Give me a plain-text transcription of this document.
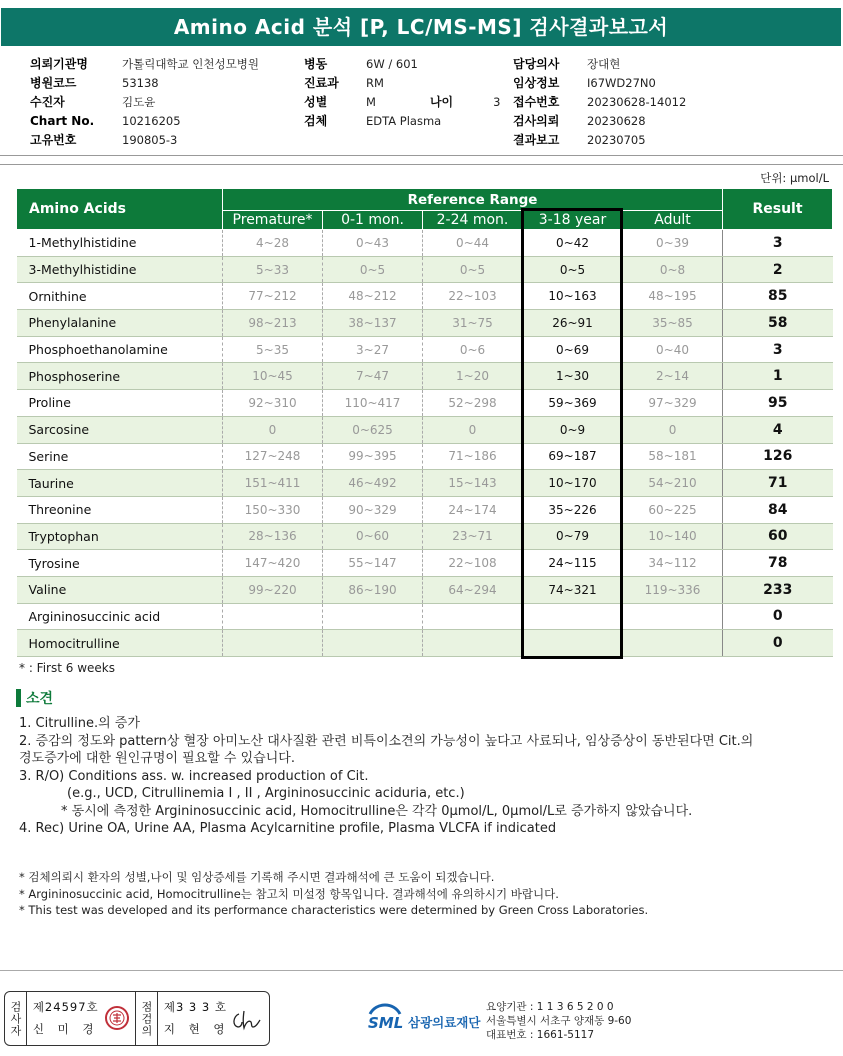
Amino Acid 분석 [P, LC/MS-MS] 검사결과보고서
의뢰기관명	가톨릭대학교 인천성모병원
병원코드	53138
수진자	김도윤
Chart No.	10216205
고유번호	190805-3
병동	6W / 601
진료과	RM
성별	M	나이	3
검체	EDTA Plasma
담당의사	장대현
임상정보	I67WD27N0
접수번호	20230628-14012
검사의뢰	20230628
결과보고	20230705
단위: μmol/L
Amino Acids	Reference Range					Result
	Premature*	0-1 mon.	2-24 mon.	3-18 year	Adult	
1-Methylhistidine	4~28	0~43	0~44	0~42	0~39	3
3-Methylhistidine	5~33	0~5	0~5	0~5	0~8	2
Ornithine	77~212	48~212	22~103	10~163	48~195	85
Phenylalanine	98~213	38~137	31~75	26~91	35~85	58
Phosphoethanolamine	5~35	3~27	0~6	0~69	0~40	3
Phosphoserine	10~45	7~47	1~20	1~30	2~14	1
Proline	92~310	110~417	52~298	59~369	97~329	95
Sarcosine	0	0~625	0	0~9	0	4
Serine	127~248	99~395	71~186	69~187	58~181	126
Taurine	151~411	46~492	15~143	10~170	54~210	71
Threonine	150~330	90~329	24~174	35~226	60~225	84
Tryptophan	28~136	0~60	23~71	0~79	10~140	60
Tyrosine	147~420	55~147	22~108	24~115	34~112	78
Valine	99~220	86~190	64~294	74~321	119~336	233
Argininosuccinic acid						0
Homocitrulline						0
* : First 6 weeks
소견

1. Citrulline.의 증가

2. 증감의 정도와 pattern상 혈장 아미노산 대사질환 관련 비특이소견의 가능성이 높다고 사료되나, 임상증상이 동반된다면 Cit.의

경도증가에 대한 원인규명이 필요할 수 있습니다.

3. R/O) Conditions ass. w. increased production of Cit.

(e.g., UCD, Citrullinemia I , II , Argininosuccinic aciduria, etc.)

* 동시에 측정한 Argininosuccinic acid, Homocitrulline은 각각 0μmol/L, 0μmol/L로 증가하지 않았습니다.

4. Rec) Urine OA, Urine AA, Plasma Acylcarnitine profile, Plasma VLCFA if indicated

* 검체의뢰시 환자의 성별,나이 및 임상증세를 기록해 주시면 결과해석에 큰 도움이 되겠습니다.

* Argininosuccinic acid, Homocitrulline는 참고치 미설정 항목입니다. 결과해석에 유의하시기 바랍니다.

* This test was developed and its performance characteristics were determined by Green Cross Laboratories.

검사자 제24597호
신 미 경	점검의 제3 3 3 호
지 현 영	SML 삼광의료재단

요양기관 : 1 1 3 6 5 2 0 0

서울특별시 서초구 양재동 9-60

대표번호 : 1661-5117
